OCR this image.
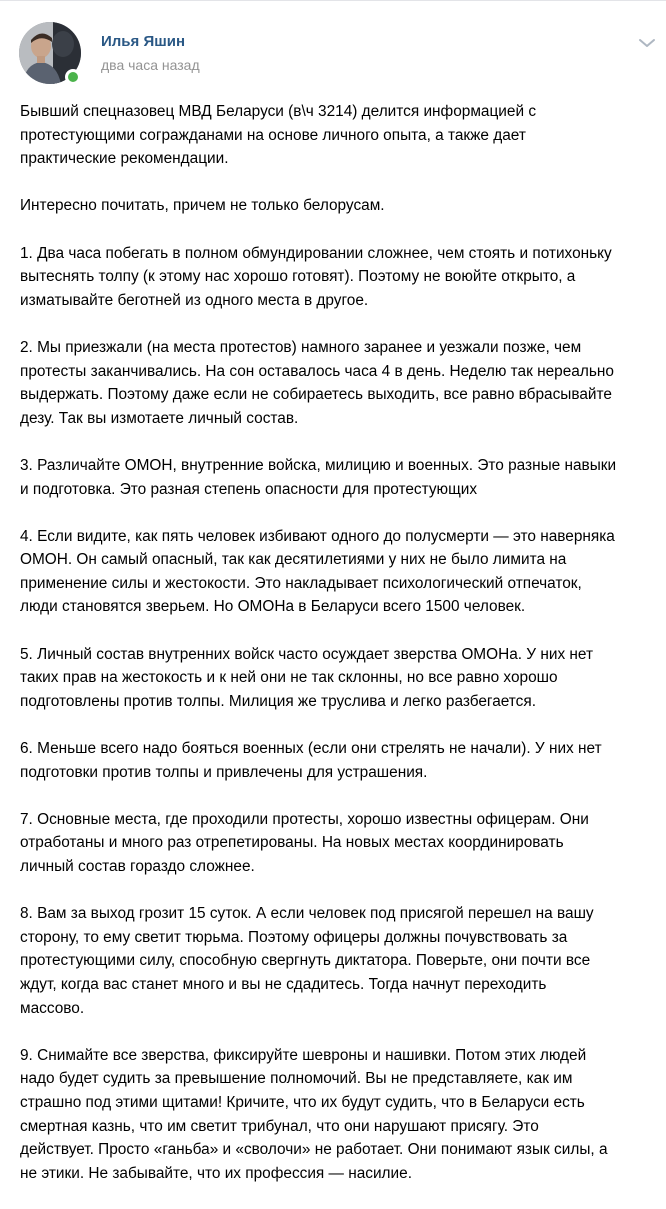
Илья Яшин
два часа назад

Бывший спецназовец МВД Беларуси (в\ч 3214) делится информацией с
протестующими согражданами на основе личного опыта, а также дает
практические рекомендации.

Интересно почитать, причем не только белорусам.

1. Два часа побегать в полном обмундировании сложнее, чем стоять и потихоньку
вытеснять толпу (к этому нас хорошо готовят). Поэтому не воюйте открыто, а
изматывайте беготней из одного места в другое.

2. Мы приезжали (на места протестов) намного заранее и уезжали позже, чем
протесты заканчивались. На сон оставалось часа 4 в день. Неделю так нереально
выдержать. Поэтому даже если не собираетесь выходить, все равно вбрасывайте
дезу. Так вы измотаете личный состав.

3. Различайте ОМОН, внутренние войска, милицию и военных. Это разные навыки
и подготовка. Это разная степень опасности для протестующих

4. Если видите, как пять человек избивают одного до полусмерти — это наверняка
ОМОН. Он самый опасный, так как десятилетиями у них не было лимита на
применение силы и жестокости. Это накладывает психологический отпечаток,
люди становятся зверьем. Но ОМОНа в Беларуси всего 1500 человек.

5. Личный состав внутренних войск часто осуждает зверства ОМОНа. У них нет
таких прав на жестокость и к ней они не так склонны, но все равно хорошо
подготовлены против толпы. Милиция же труслива и легко разбегается.

6. Меньше всего надо бояться военных (если они стрелять не начали). У них нет
подготовки против толпы и привлечены для устрашения.

7. Основные места, где проходили протесты, хорошо известны офицерам. Они
отработаны и много раз отрепетированы. На новых местах координировать
личный состав гораздо сложнее.

8. Вам за выход грозит 15 суток. А если человек под присягой перешел на вашу
сторону, то ему светит тюрьма. Поэтому офицеры должны почувствовать за
протестующими силу, способную свергнуть диктатора. Поверьте, они почти все
ждут, когда вас станет много и вы не сдадитесь. Тогда начнут переходить
массово.

9. Снимайте все зверства, фиксируйте шевроны и нашивки. Потом этих людей
надо будет судить за превышение полномочий. Вы не представляете, как им
страшно под этими щитами! Кричите, что их будут судить, что в Беларуси есть
смертная казнь, что им светит трибунал, что они нарушают присягу. Это
действует. Просто «ганьба» и «сволочи» не работает. Они понимают язык силы, а
не этики. Не забывайте, что их профессия — насилие.
